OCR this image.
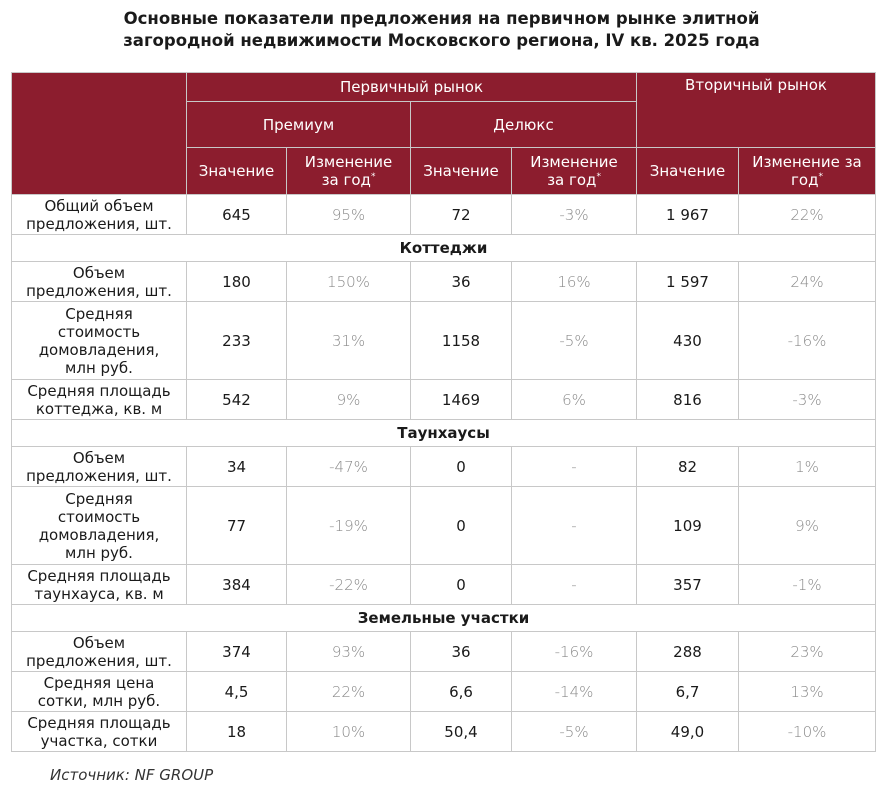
Основные показатели предложения на первичном рынке элитной
загородной недвижимости Московского региона, IV кв. 2025 года
	Первичный рынок				Вторичный рынок	
	Премиум		Делюкс			
	Значение	Изменение
за год*	Значение	Изменение
за год*	Значение	Изменение за
год*
Общий объем
предложения, шт.	645	95%	72	-3%	1 967	22%
Коттеджи						
Объем
предложения, шт.	180	150%	36	16%	1 597	24%
Средняя
стоимость
домовладения,
млн руб.	233	31%	1158	-5%	430	-16%
Средняя площадь
коттеджа, кв. м	542	9%	1469	6%	816	-3%
Таунхаусы						
Объем
предложения, шт.	34	-47%	0	-	82	1%
Средняя
стоимость
домовладения,
млн руб.	77	-19%	0	-	109	9%
Средняя площадь
таунхауса, кв. м	384	-22%	0	-	357	-1%
Земельные участки						
Объем
предложения, шт.	374	93%	36	-16%	288	23%
Средняя цена
сотки, млн руб.	4,5	22%	6,6	-14%	6,7	13%
Средняя площадь
участка, сотки	18	10%	50,4	-5%	49,0	-10%
Источник: NF GROUP
